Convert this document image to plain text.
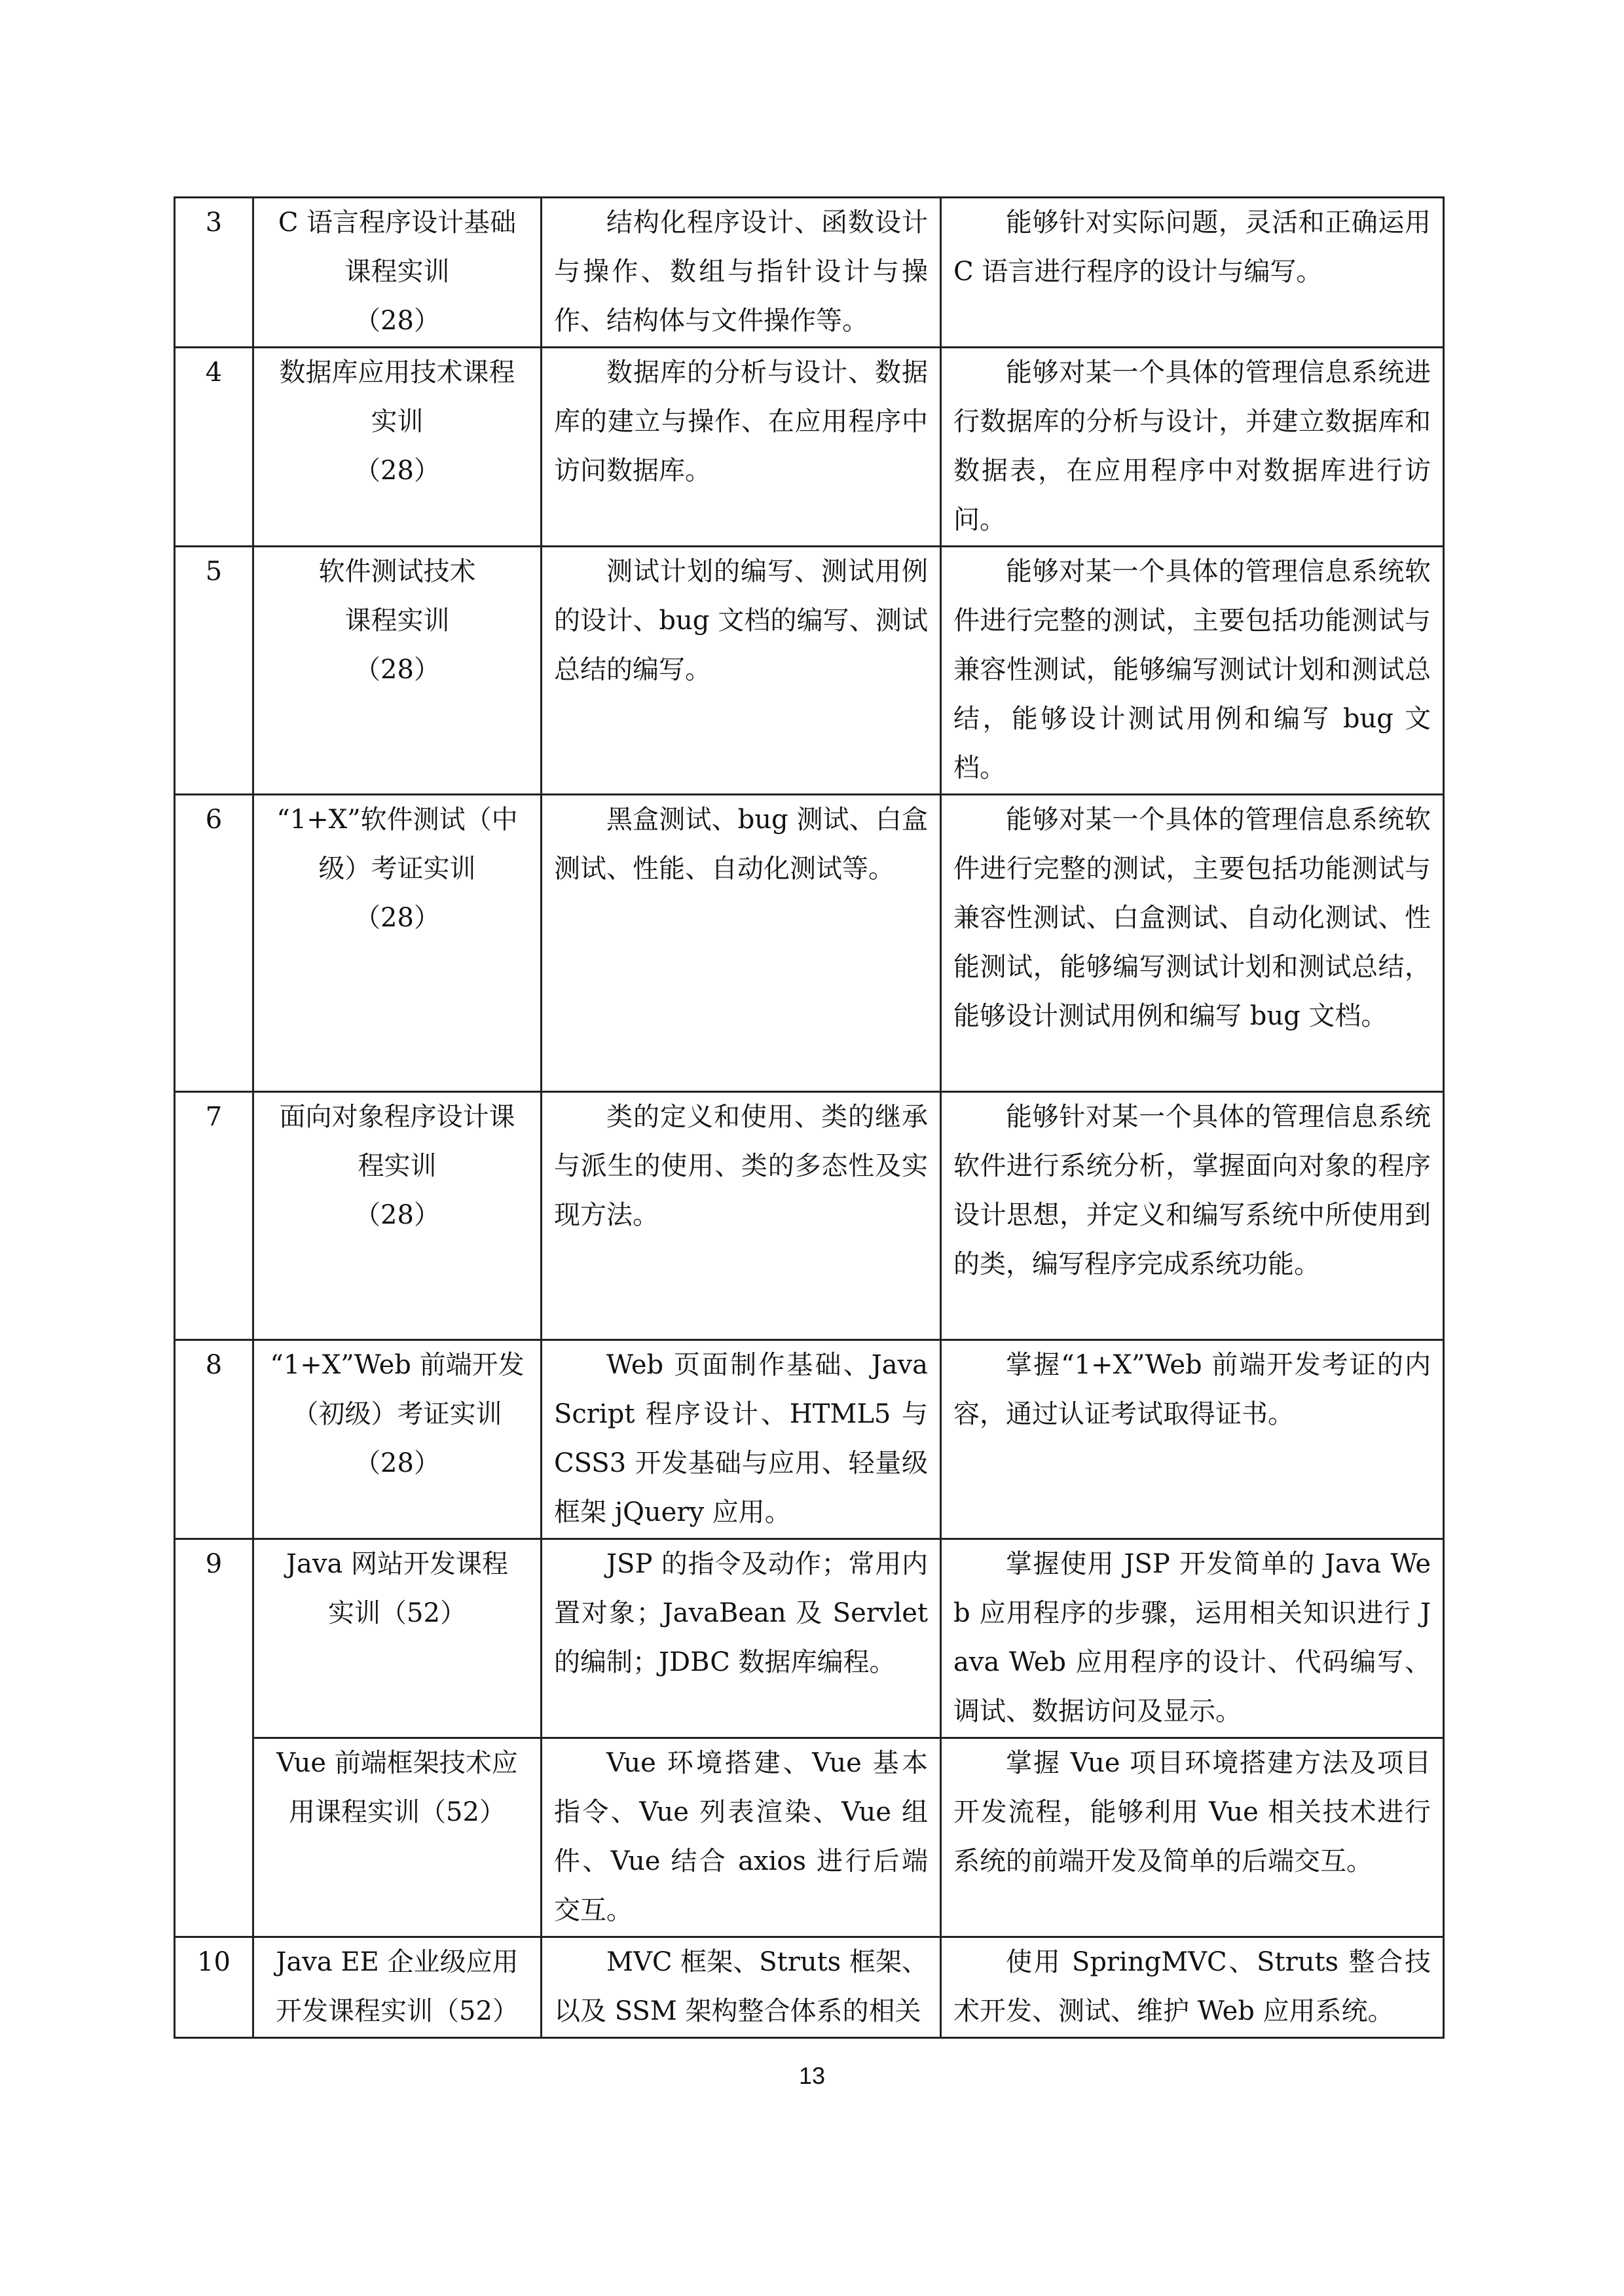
3	C 语言程序设计基础
课程实训
（28）	结构化程序设计、函数设计与操作、数组与指针设计与操作、结构体与文件操作等。	能够针对实际问题，灵活和正确运用 C 语言进行程序的设计与编写。
4	数据库应用技术课程
实训
（28）	数据库的分析与设计、数据库的建立与操作、在应用程序中访问数据库。	能够对某一个具体的管理信息系统进行数据库的分析与设计，并建立数据库和数据表，在应用程序中对数据库进行访问。
5	软件测试技术
课程实训
（28）	测试计划的编写、测试用例的设计、bug 文档的编写、测试总结的编写。	能够对某一个具体的管理信息系统软件进行完整的测试，主要包括功能测试与兼容性测试，能够编写测试计划和测试总结，能够设计测试用例和编写 bug 文档。
6	“1+X”软件测试（中
级）考证实训
（28）	黑盒测试、bug 测试、白盒测试、性能、自动化测试等。	能够对某一个具体的管理信息系统软件进行完整的测试，主要包括功能测试与兼容性测试、白盒测试、自动化测试、性能测试，能够编写测试计划和测试总结，能够设计测试用例和编写 bug 文档。
7	面向对象程序设计课
程实训
（28）	类的定义和使用、类的继承与派生的使用、类的多态性及实现方法。	能够针对某一个具体的管理信息系统软件进行系统分析，掌握面向对象的程序设计思想，并定义和编写系统中所使用到的类，编写程序完成系统功能。
8	“1+X”Web 前端开发
（初级）考证实训
（28）	Web 页面制作基础、JavaScript 程序设计、HTML5 与 CSS3 开发基础与应用、轻量级框架 jQuery 应用。	掌握“1+X”Web 前端开发考证的内容，通过认证考试取得证书。
9	Java 网站开发课程
实训（52）	JSP 的指令及动作；常用内置对象；JavaBean 及 Servlet 的编制；JDBC 数据库编程。	掌握使用 JSP 开发简单的 Java Web 应用程序的步骤，运用相关知识进行 Java Web 应用程序的设计、代码编写、调试、数据访问及显示。

	Vue 前端框架技术应
用课程实训（52）	Vue 环境搭建、Vue 基本指令、Vue 列表渲染、Vue 组件、Vue 结合 axios 进行后端交互。	掌握 Vue 项目环境搭建方法及项目开发流程，能够利用 Vue 相关技术进行系统的前端开发及简单的后端交互。
10	Java EE 企业级应用
开发课程实训（52）	MVC 框架、Struts 框架、以及 SSM 架构整合体系的相关	使用 SpringMVC、Struts 整合技术开发、测试、维护 Web 应用系统。
13
